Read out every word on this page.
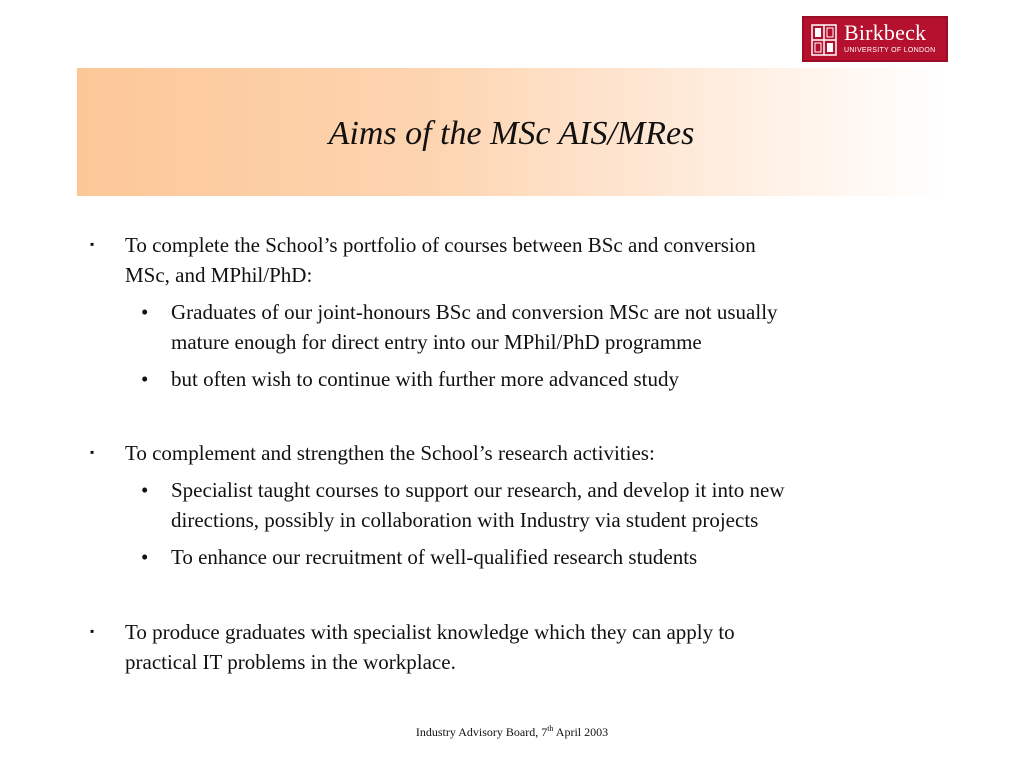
Birkbeck
UNIVERSITY OF LONDON
Aims of the MSc AIS/MRes
▪ To complete the School’s portfolio of courses between BSc and conversion
MSc, and MPhil/PhD:
• Graduates of our joint-honours BSc and conversion MSc are not usually
mature enough for direct entry into our MPhil/PhD programme
• but often wish to continue with further more advanced study
▪ To complement and strengthen the School’s research activities:
• Specialist taught courses to support our research, and develop it into new
directions, possibly in collaboration with Industry via student projects
• To enhance our recruitment of well-qualified research students
▪ To produce graduates with specialist knowledge which they can apply to
practical IT problems in the workplace.
Industry Advisory Board, 7th April 2003
